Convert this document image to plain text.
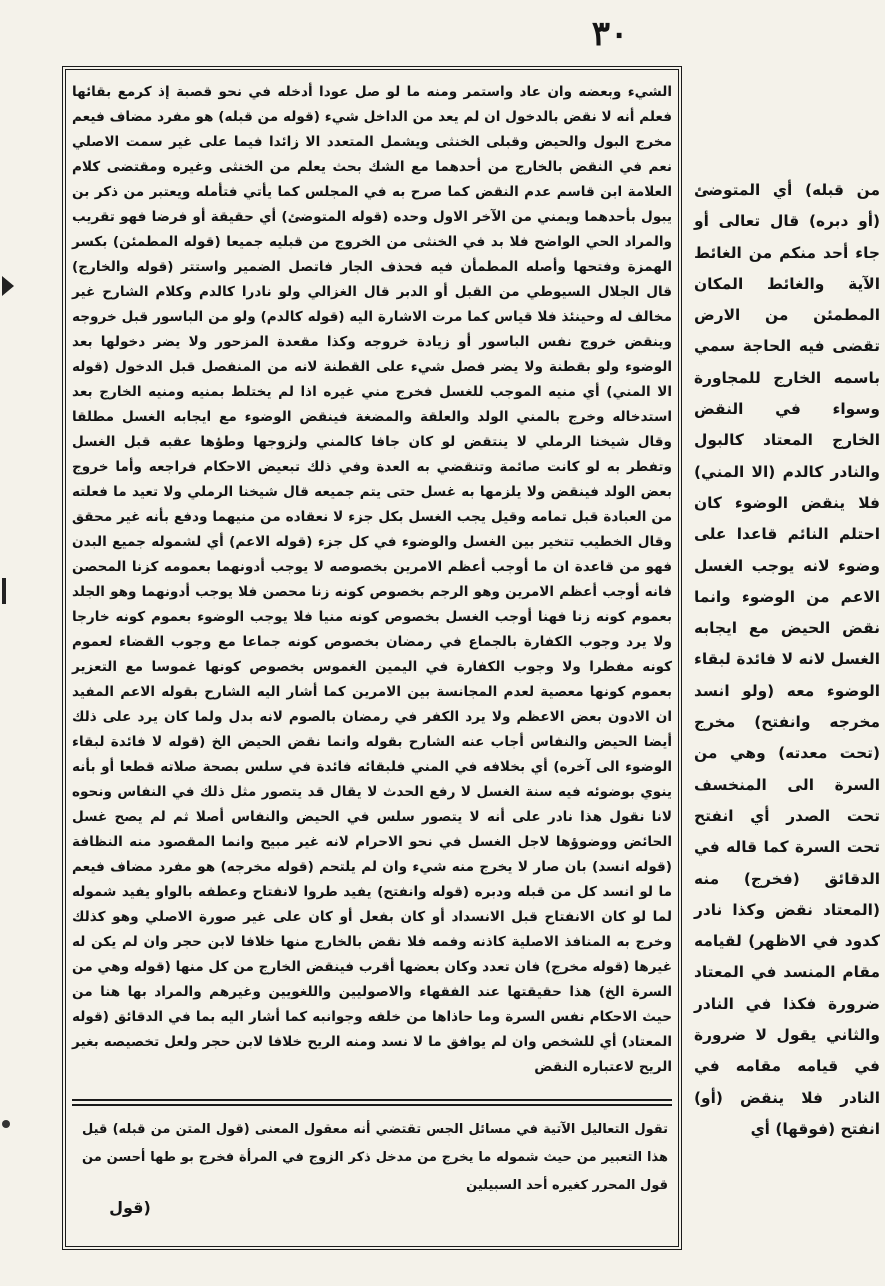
٣٠

الشيء وبعضه وان عاد واستمر ومنه ما لو صل عودا أدخله في نحو قصبة إذ كرمع بقائها فعلم أنه لا نقض بالدخول ان لم يعد من الداخل شيء (قوله من قبله) هو مفرد مضاف فيعم مخرج البول والحيض وقبلى الخنثى ويشمل المتعدد الا زائدا فيما على غير سمت الاصلي نعم في النقض بالخارج من أحدهما مع الشك بحث يعلم من الخنثى وغيره ومقتضى كلام العلامة ابن قاسم عدم النقض كما صرح به في المجلس كما يأتي فتأمله ويعتبر من ذكر بن يبول بأحدهما ويمني من الآخر الاول وحده (قوله المتوضئ) أي حقيقة أو فرضا فهو تقريب والمراد الحي الواضح فلا بد في الخنثى من الخروج من قبليه جميعا (قوله المطمئن) بكسر الهمزة وفتحها وأصله المطمأن فيه فحذف الجار فاتصل الضمير واستتر (قوله والخارج) قال الجلال السيوطي من القبل أو الدبر قال الغزالي ولو نادرا كالدم وكلام الشارح غير مخالف له وحينئذ فلا قياس كما مرت الاشارة اليه (قوله كالدم) ولو من الباسور قبل خروجه وينقض خروج نفس الباسور أو زيادة خروجه وكذا مقعدة المزحور ولا يضر دخولها بعد الوضوء ولو بقطنة ولا يضر فصل شيء على القطنة لانه من المنفصل قبل الدخول (قوله الا المني) أي منيه الموجب للغسل فخرج مني غيره اذا لم يختلط بمنيه ومنيه الخارج بعد استدخاله وخرج بالمني الولد والعلقة والمضغة فينقض الوضوء مع ايجابه الغسل مطلقا وقال شيخنا الرملي لا ينتقض لو كان جافا كالمني ولزوجها وطؤها عقبه قبل الغسل وتفطر به لو كانت صائمة وتنقضي به العدة وفي ذلك تبعيض الاحكام فراجعه وأما خروج بعض الولد فينقض ولا يلزمها به غسل حتى يتم جميعه قال شيخنا الرملي ولا تعيد ما فعلته من العبادة قبل تمامه وقيل يجب الغسل بكل جزء لا نعقاده من منيهما ودفع بأنه غير محقق وقال الخطيب تتخير بين الغسل والوضوء في كل جزء (قوله الاعم) أي لشموله جميع البدن فهو من قاعدة ان ما أوجب أعظم الامرين بخصوصه لا يوجب أدونهما بعمومه كزنا المحصن فانه أوجب أعظم الامرين وهو الرجم بخصوص كونه زنا محصن فلا يوجب أدونهما وهو الجلد بعموم كونه زنا فهنا أوجب الغسل بخصوص كونه منيا فلا يوجب الوضوء بعموم كونه خارجا ولا يرد وجوب الكفارة بالجماع في رمضان بخصوص كونه جماعا مع وجوب القضاء لعموم كونه مفطرا ولا وجوب الكفارة في اليمين الغموس بخصوص كونها غموسا مع التعزير بعموم كونها معصية لعدم المجانسة بين الامرين كما أشار اليه الشارح بقوله الاعم المفيد ان الادون بعض الاعظم ولا يرد الكفر في رمضان بالصوم لانه بدل ولما كان يرد على ذلك أيضا الحيض والنفاس أجاب عنه الشارح بقوله وانما نقض الحيض الخ (قوله لا فائدة لبقاء الوضوء الى آخره) أي بخلافه في المني فلبقائه فائدة في سلس بصحة صلاته قطعا أو بأنه ينوي بوضوئه فيه سنة الغسل لا رفع الحدث لا يقال قد يتصور مثل ذلك في النفاس ونحوه لانا نقول هذا نادر على أنه لا يتصور سلس في الحيض والنفاس أصلا ثم لم يصح غسل الحائض ووضوؤها لاجل الغسل في نحو الاحرام لانه غير مبيح وانما المقصود منه النظافة (قوله انسد) بان صار لا يخرج منه شيء وان لم يلتحم (قوله مخرجه) هو مفرد مضاف فيعم ما لو انسد كل من قبله ودبره (قوله وانفتح) يفيد طروا لانفتاح وعطفه بالواو يفيد شموله لما لو كان الانفتاح قبل الانسداد أو كان بفعل أو كان على غير صورة الاصلي وهو كذلك وخرج به المنافذ الاصلية كاذنه وفمه فلا نقض بالخارج منها خلافا لابن حجر وان لم يكن له غيرها (قوله مخرج) فان تعدد وكان بعضها أقرب فينقض الخارج من كل منها (قوله وهي من السرة الخ) هذا حقيقتها عند الفقهاء والاصوليين واللغويين وغيرهم والمراد بها هنا من حيث الاحكام نفس السرة وما حاذاها من خلفه وجوانبه كما أشار اليه بما في الدقائق (قوله المعتاد) أي للشخص وان لم يوافق ما لا نسد ومنه الريح خلافا لابن حجر ولعل تخصيصه بغير الريح لاعتباره النقض

تقول التعاليل الآتية في مسائل الجس تقتضي أنه معقول المعنى (قول المتن من قبله) قيل هذا التعبير من حيث شموله ما يخرج من مدخل ذكر الزوج في المرأة فخرج بو طها أحسن من قول المحرر كغيره أحد السبيلين

(قول

من قبله) أي المتوضئ (أو دبره) قال تعالى أو جاء أحد منكم من الغائط الآية والغائط المكان المطمئن من الارض تقضى فيه الحاجة سمي باسمه الخارج للمجاورة وسواء في النقض الخارج المعتاد كالبول والنادر كالدم (الا المني) فلا ينقض الوضوء كان احتلم النائم قاعدا على وضوء لانه يوجب الغسل الاعم من الوضوء وانما نقض الحيض مع ايجابه الغسل لانه لا فائدة لبقاء الوضوء معه (ولو انسد مخرجه وانفتح) مخرج (تحت معدته) وهي من السرة الى المنخسف تحت الصدر أي انفتح تحت السرة كما قاله في الدقائق (فخرج) منه (المعتاد نقض وكذا نادر كدود في الاظهر) لقيامه مقام المنسد في المعتاد ضرورة فكذا في النادر والثاني يقول لا ضرورة في قيامه مقامه في النادر فلا ينقض (أو) انفتح (فوقها) أي
